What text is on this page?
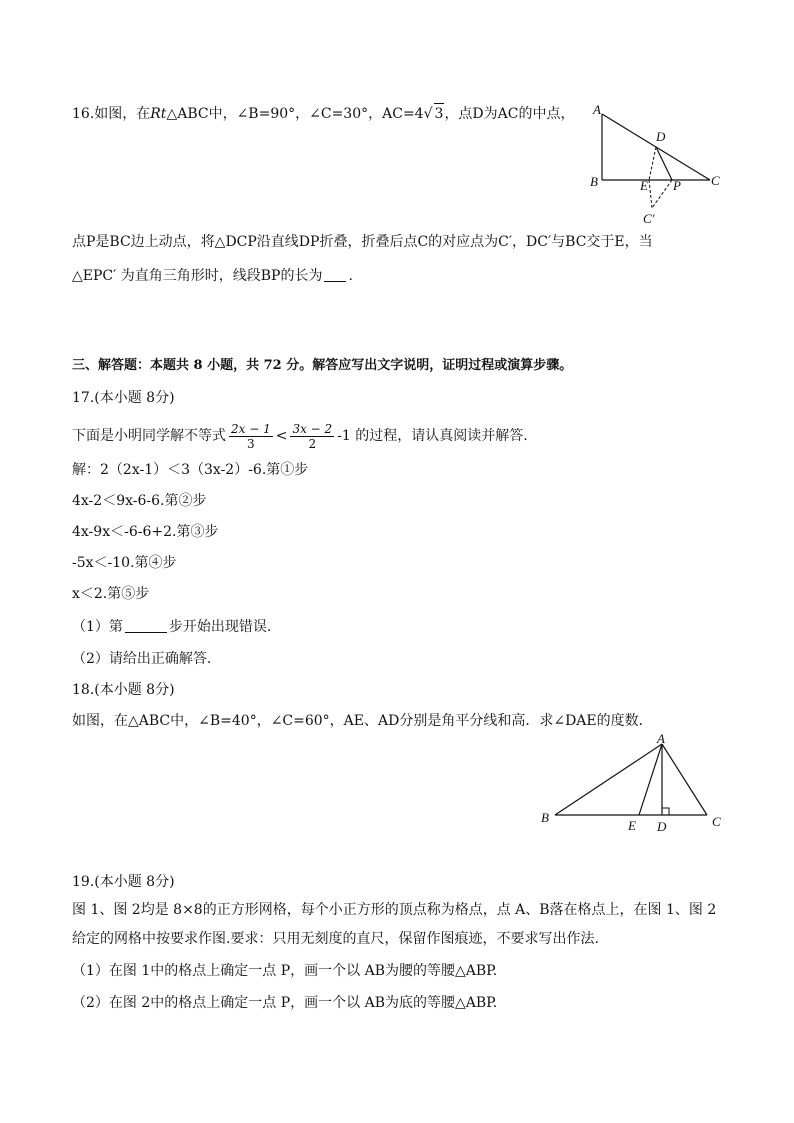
16.如图，在Rt△ABC中，∠B=90°，∠C=30°，AC=4√ 3，点D为AC的中点， A
B	C
D
E P
C′
点P是BC边上动点，将△DCP沿直线DP折叠，折叠后点C的对应点为C′，DC′与BC交于E，当
△EPC′ 为直角三角形时，线段BP的长为 .
三、解答题：本题共 8 小题，共 72 分。解答应写出文字说明，证明过程或演算步骤。
17.(本小题 8分)
下面是小明同学解不等式 $\frac{2x - 1}{3} < \frac{3x - 2}{2} -1$ 的过程，请认真阅读并解答.
解：2（2x-1）＜3（3x-2）-6.第①步
4x-2＜9x-6-6.第②步
4x-9x＜-6-6+2.第③步
-5x＜-10.第④步
x＜2.第⑤步
（1）第	步开始出现错误.
（2）请给出正确解答.
18.(本小题 8分)
如图，在△ABC中，∠B=40°，∠C=60°，AE、AD分别是角平分线和高．求∠DAE的度数．
A
B	C
E D
19.(本小题 8分)
图 1、图 2均是 8×8的正方形网格，每个小正方形的顶点称为格点，点 A、B落在格点上，在图 1、图 2
给定的网格中按要求作图.要求：只用无刻度的直尺，保留作图痕迹，不要求写出作法.
（1）在图 1中的格点上确定一点 P，画一个以 AB为腰的等腰△ABP.
（2）在图 2中的格点上确定一点 P，画一个以 AB为底的等腰△ABP.
